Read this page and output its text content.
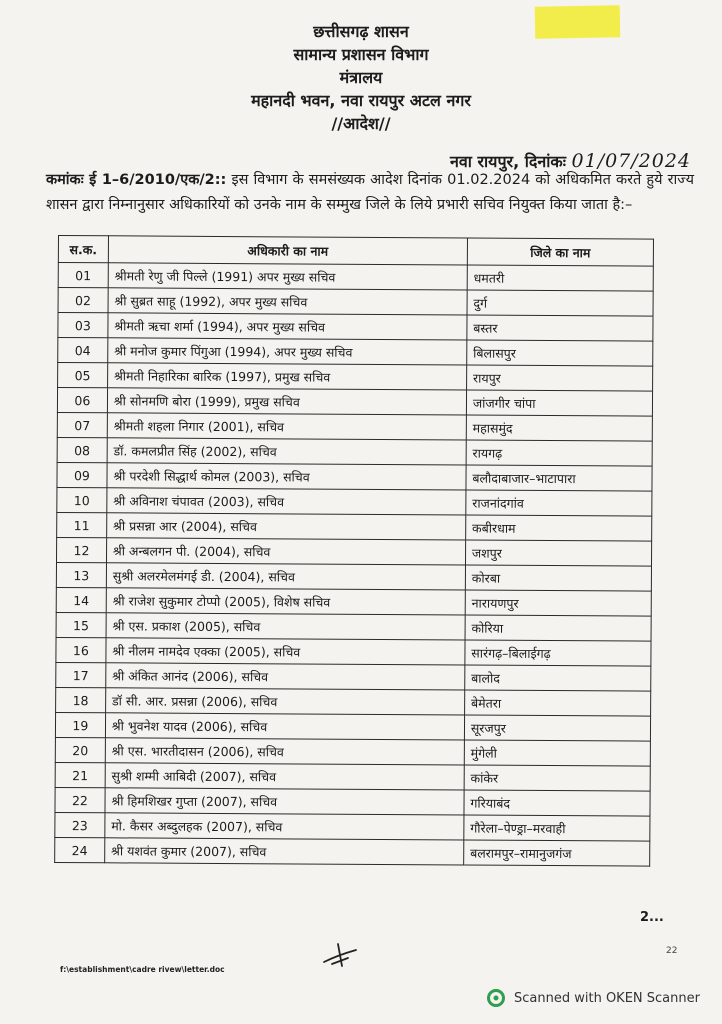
छत्तीसगढ़ शासन
सामान्य प्रशासन विभाग
मंत्रालय
महानदी भवन, नवा रायपुर अटल नगर
//आदेश//
नवा रायपुर, दिनांकः 01/07/2024
कमांकः ई 1–6/2010/एक/2:: इस विभाग के समसंख्यक आदेश दिनांक 01.02.2024 को अधिकमित करते हुये राज्य शासन द्वारा निम्नानुसार अधिकारियों को उनके नाम के सम्मुख जिले के लिये प्रभारी सचिव नियुक्त किया जाता है:–
स.क.	अधिकारी का नाम	जिले का नाम
01	श्रीमती रेणु जी पिल्ले (1991) अपर मुख्य सचिव	धमतरी
02	श्री सुब्रत साहू (1992), अपर मुख्य सचिव	दुर्ग
03	श्रीमती ऋचा शर्मा (1994), अपर मुख्य सचिव	बस्तर
04	श्री मनोज कुमार पिंगुआ (1994), अपर मुख्य सचिव	बिलासपुर
05	श्रीमती निहारिका बारिक (1997), प्रमुख सचिव	रायपुर
06	श्री सोनमणि बोरा (1999), प्रमुख सचिव	जांजगीर चांपा
07	श्रीमती शहला निगार (2001), सचिव	महासमुंद
08	डॉ. कमलप्रीत सिंह (2002), सचिव	रायगढ़
09	श्री परदेशी सिद्धार्थ कोमल (2003), सचिव	बलौदाबाजार–भाटापारा
10	श्री अविनाश चंपावत (2003), सचिव	राजनांदगांव
11	श्री प्रसन्ना आर (2004), सचिव	कबीरधाम
12	श्री अन्बलगन पी. (2004), सचिव	जशपुर
13	सुश्री अलरमेलमंगई डी. (2004), सचिव	कोरबा
14	श्री राजेश सुकुमार टोप्पो (2005), विशेष सचिव	नारायणपुर
15	श्री एस. प्रकाश (2005), सचिव	कोरिया
16	श्री नीलम नामदेव एक्का (2005), सचिव	सारंगढ़–बिलाईगढ़
17	श्री अंकित आनंद (2006), सचिव	बालोद
18	डॉ सी. आर. प्रसन्ना (2006), सचिव	बेमेतरा
19	श्री भुवनेश यादव (2006), सचिव	सूरजपुर
20	श्री एस. भारतीदासन (2006), सचिव	मुंगेली
21	सुश्री शम्मी आबिदी (2007), सचिव	कांकेर
22	श्री हिमशिखर गुप्ता (2007), सचिव	गरियाबंद
23	मो. कैसर अब्दुलहक (2007), सचिव	गौरेला–पेण्ड्रा–मरवाही
24	श्री यशवंत कुमार (2007), सचिव	बलरामपुर–रामानुजगंज
2...
22
f:\establishment\cadre rivew\letter.doc
Scanned with OKEN Scanner
